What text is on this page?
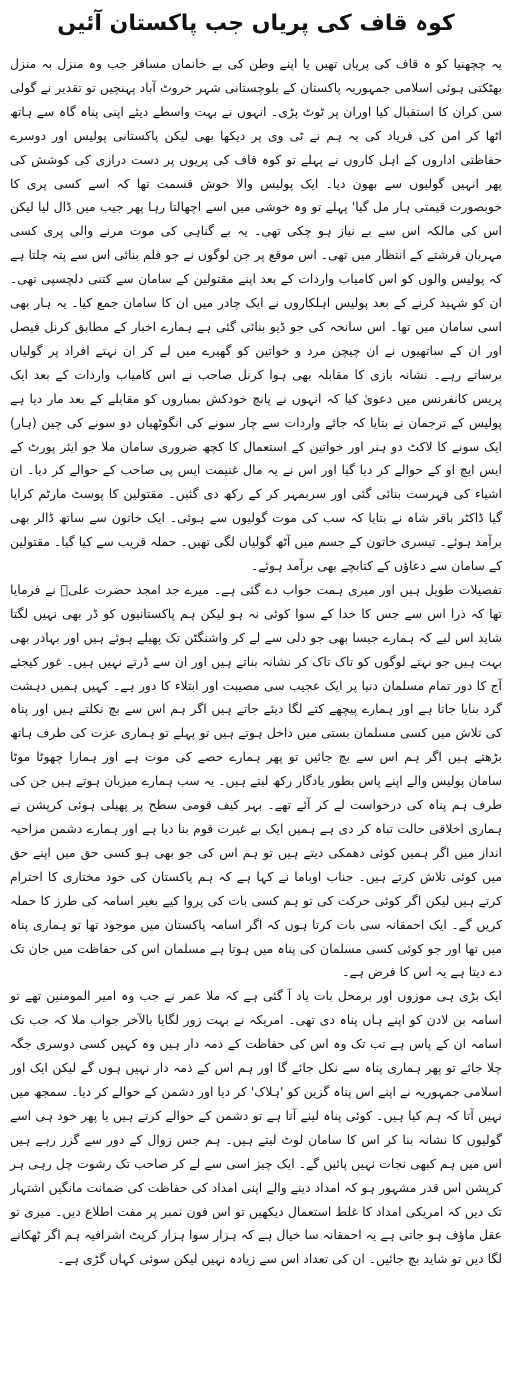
کوہ قاف کی پریاں جب پاکستان آئیں

یہ چچھنیا کو ہ قاف کی پریاں تھیں یا اپنے وطن کی بے خانماں مسافر جب وہ منزل بہ منزل بھٹکتی ہوئی اسلامی جمہوریہ پاکستان کے بلوچستانی شہر خروٹ آباد پہنچیں تو تقدیر نے گولی سن کران کا استقبال کیا اوران پر ٹوٹ پڑی۔ انہوں نے بہت واسطے دیئے اپنی پناہ گاہ سے ہاتھ اٹھا کر امن کی فریاد کی یہ ہم نے ٹی وی پر دیکھا بھی لیکن پاکستانی پولیس اور دوسرے حفاظتی اداروں کے اہل کاروں نے پہلے تو کوہ قاف کی پریوں پر دست درازی کی کوشش کی پھر انہیں گولیوں سے بھون دیا۔ ایک پولیس والا خوش قسمت تھا کہ اسے کسی پری کا خوبصورت قیمتی ہار مل گیا' پہلے تو وہ خوشی میں اسے اچھالتا رہا پھر جیب میں ڈال لیا لیکن اس کی مالکہ اس سے بے نیاز ہو چکی تھی۔ یہ بے گناہی کی موت مرنے والی پری کسی مہربان فرشتے کے انتظار میں تھی۔ اس موقع پر جن لوگوں نے جو فلم بنائی اس سے پتہ چلتا ہے کہ پولیس والوں کو اس کامیاب واردات کے بعد اپنے مقتولین کے سامان سے کتنی دلچسپی تھی۔ ان کو شہید کرنے کے بعد پولیس اہلکاروں نے ایک چادر میں ان کا سامان جمع کیا۔ یہ ہار بھی اسی سامان میں تھا۔ اس سانحہ کی جو ڈیو بنائی گئی ہے ہمارے اخبار کے مطابق کرنل فیصل اور ان کے ساتھیوں نے ان چیچن مرد و خواتین کو گھیرے میں لے کر ان نہتے افراد پر گولیاں برساتے رہے۔ نشانہ بازی کا مقابلہ بھی ہوا کرنل صاحب نے اس کامیاب واردات کے بعد ایک پریس کانفرنس میں دعویٰ کیا کہ انہوں نے پانچ خودکش بمباروں کو مقابلے کے بعد مار دیا ہے پولیس کے ترجمان نے بتایا کہ جائے واردات سے چار سونے کی انگوٹھیاں دو سونے کی چین (ہار) ایک سونے کا لاکٹ دو ہنر اور خواتین کے استعمال کا کچھ ضروری سامان ملا جو ایئر پورٹ کے ایس ایچ او کے حوالے کر دیا گیا اور اس نے یہ مال غنیمت ایس پی صاحب کے حوالے کر دیا۔ ان اشیاء کی فہرست بنائی گئی اور سربمہر کر کے رکھ دی گئیں۔ مقتولین کا پوسٹ مارٹم کرایا گیا ڈاکٹر باقر شاہ نے بتایا کہ سب کی موت گولیوں سے ہوئی۔ ایک خاتون سے ساتھ ڈالر بھی برآمد ہوئے۔ تیسری خاتون کے جسم میں آٹھ گولیاں لگی تھیں۔ حملہ قریب سے کیا گیا۔ مقتولین کے سامان سے دعاؤں کے کتابچے بھی برآمد ہوئے۔

تفصیلات طویل ہیں اور میری ہمت جواب دے گئی ہے۔ میرے جد امجد حضرت علیؓ نے فرمایا تھا کہ ذرا اس سے جس کا خدا کے سوا کوئی نہ ہو لیکن ہم پاکستانیوں کو ڈر بھی نہیں لگتا شاید اس لیے کہ ہمارے جیسا بھی جو دلی سے لے کر واشنگٹن تک پھیلے ہوئے ہیں اور بہادر بھی بہت ہیں جو نہتے لوگوں کو تاک تاک کر نشانہ بناتے ہیں اور ان سے ڈرتے نہیں ہیں۔ غور کیجئے آج کا دور تمام مسلمان دنیا پر ایک عجیب سی مصیبت اور ابتلاء کا دور ہے۔ کہیں ہمیں دہشت گرد بنایا جاتا ہے اور ہمارے پیچھے کتے لگا دیئے جاتے ہیں اگر ہم اس سے بچ نکلتے ہیں اور پناہ کی تلاش میں کسی مسلمان بستی میں داخل ہوتے ہیں تو پہلے تو ہماری عزت کی طرف ہاتھ بڑھتے ہیں اگر ہم اس سے بچ جائیں تو پھر ہمارے حصے کی موت ہے اور ہمارا چھوٹا موٹا سامان پولیس والے اپنے پاس بطور یادگار رکھ لیتے ہیں۔ یہ سب ہمارے میزبان ہوتے ہیں جن کی طرف ہم پناہ کی درخواست لے کر آئے تھے۔ بہر کیف قومی سطح پر پھیلی ہوئی کرپشن نے ہماری اخلاقی حالت تباہ کر دی ہے ہمیں ایک بے غیرت قوم بنا دیا ہے اور ہمارے دشمن مزاحیہ انداز میں اگر ہمیں کوئی دھمکی دیتے ہیں تو ہم اس کی جو بھی ہو کسی حق میں اپنے حق میں کوئی تلاش کرتے ہیں۔ جناب اوباما نے کہا ہے کہ ہم پاکستان کی خود مختاری کا احترام کرتے ہیں لیکن اگر کوئی حرکت کی تو ہم کسی بات کی پروا کیے بغیر اسامہ کی طرز کا حملہ کریں گے۔ ایک احمقانہ سی بات کرتا ہوں کہ اگر اسامہ پاکستان میں موجود تھا تو ہماری پناہ میں تھا اور جو کوئی کسی مسلمان کی پناہ میں ہوتا ہے مسلمان اس کی حفاظت میں جان تک دے دیتا ہے یہ اس کا فرض ہے۔

ایک بڑی ہی موزوں اور برمحل بات یاد آ گئی ہے کہ ملا عمر نے جب وہ امیر المومنین تھے تو اسامہ بن لادن کو اپنے ہاں پناہ دی تھی۔ امریکہ نے بہت زور لگایا بالآخر جواب ملا کہ جب تک اسامہ ان کے پاس ہے تب تک وہ اس کی حفاظت کے ذمہ دار ہیں وہ کہیں کسی دوسری جگہ چلا جائے تو پھر ہماری پناہ سے نکل جائے گا اور ہم اس کے ذمہ دار نہیں ہوں گے لیکن ایک اور اسلامی جمہوریہ نے اپنے اس پناہ گزین کو 'ہلاک' کر دیا اور دشمن کے حوالے کر دیا۔ سمجھ میں نہیں آتا کہ ہم کیا ہیں۔ کوئی پناہ لینے آتا ہے تو دشمن کے حوالے کرتے ہیں یا پھر خود ہی اسے گولیوں کا نشانہ بنا کر اس کا سامان لوٹ لیتے ہیں۔ ہم جس زوال کے دور سے گزر رہے ہیں اس میں ہم کبھی نجات نہیں پائیں گے۔ ایک چیز اسی سے لے کر صاحب تک رشوت چل رہی ہر کرپشن اس قدر مشہور ہو کہ امداد دینے والے اپنی امداد کی حفاظت کی ضمانت مانگیں اشتہار تک دیں کہ امریکی امداد کا غلط استعمال دیکھیں تو اس فون نمبر پر مفت اطلاع دیں۔ میری تو عقل ماؤف ہو جاتی ہے یہ احمقانہ سا خیال ہے کہ ہزار سوا ہزار کرپٹ اشرافیہ ہم اگر ٹھکانے لگا دیں تو شاید بچ جائیں۔ ان کی تعداد اس سے زیادہ نہیں لیکن سوئی کہاں گڑی ہے۔
